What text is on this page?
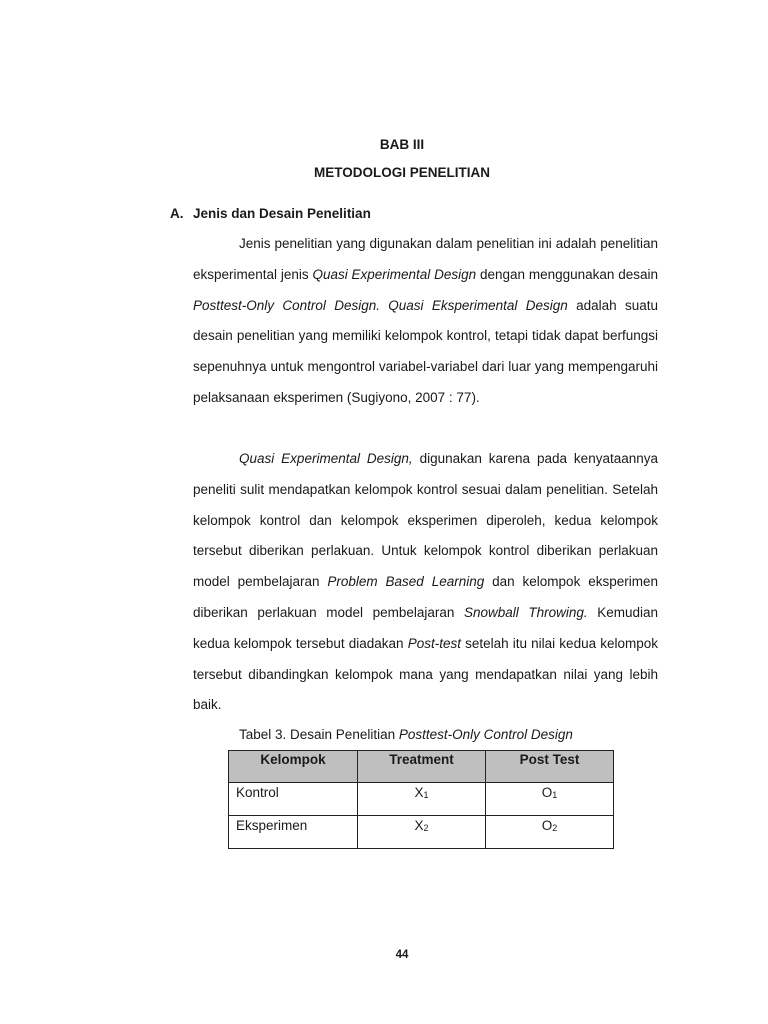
BAB III
METODOLOGI PENELITIAN
A. Jenis dan Desain Penelitian
Jenis penelitian yang digunakan dalam penelitian ini adalah penelitian eksperimental jenis Quasi Experimental Design dengan menggunakan desain Posttest-Only Control Design. Quasi Eksperimental Design adalah suatu desain penelitian yang memiliki kelompok kontrol, tetapi tidak dapat berfungsi sepenuhnya untuk mengontrol variabel-variabel dari luar yang mempengaruhi pelaksanaan eksperimen (Sugiyono, 2007 : 77).
Quasi Experimental Design, digunakan karena pada kenyataannya peneliti sulit mendapatkan kelompok kontrol sesuai dalam penelitian. Setelah kelompok kontrol dan kelompok eksperimen diperoleh, kedua kelompok tersebut diberikan perlakuan. Untuk kelompok kontrol diberikan perlakuan model pembelajaran Problem Based Learning dan kelompok eksperimen diberikan perlakuan model pembelajaran Snowball Throwing. Kemudian kedua kelompok tersebut diadakan Post-test setelah itu nilai kedua kelompok tersebut dibandingkan kelompok mana yang mendapatkan nilai yang lebih baik.
Tabel 3. Desain Penelitian Posttest-Only Control Design
Kelompok	Treatment	Post Test
Kontrol	X1	O1
Eksperimen	X2	O2
44
